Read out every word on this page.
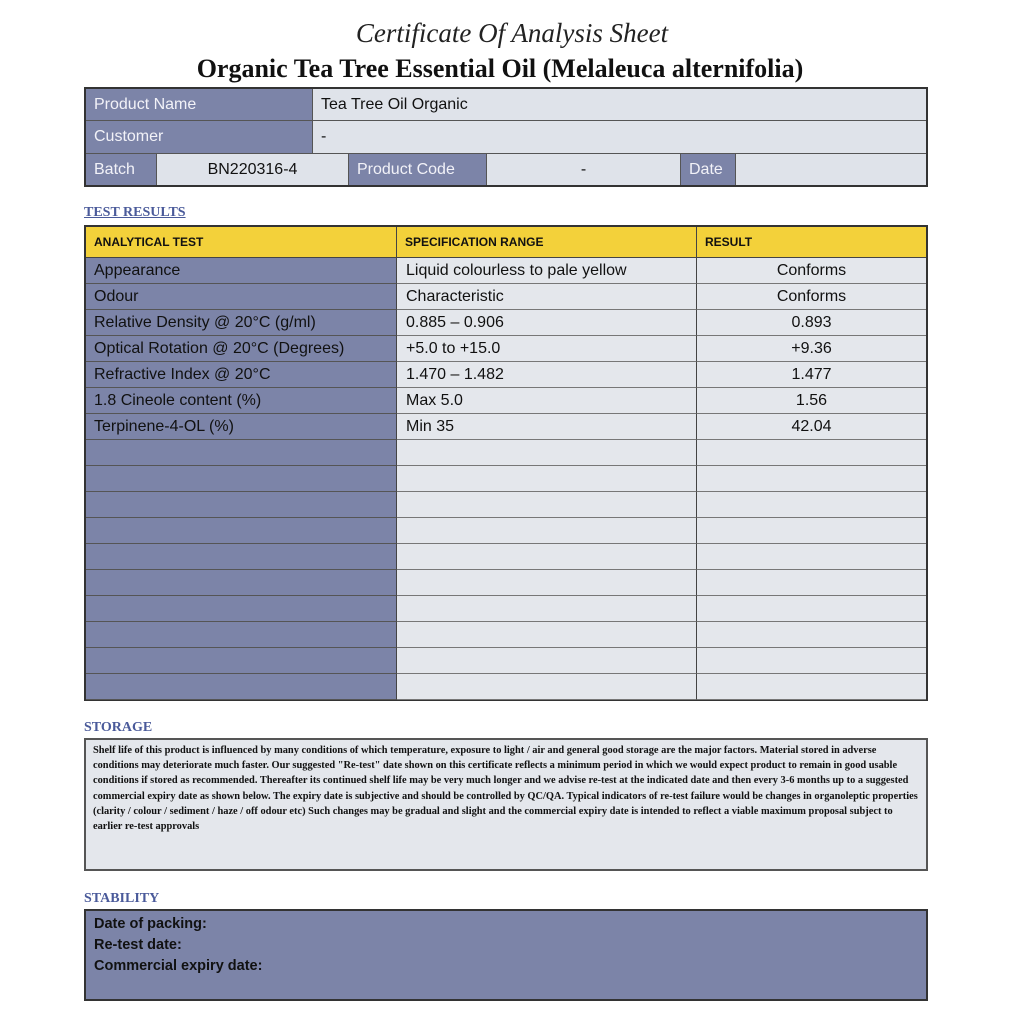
Certificate Of Analysis Sheet
Organic Tea Tree Essential Oil (Melaleuca alternifolia)
Product Name	Tea Tree Oil Organic
Customer	-
Batch	BN220316-4	Product Code	-	Date
TEST RESULTS
ANALYTICAL TEST	SPECIFICATION RANGE	RESULT
Appearance	Liquid colourless to pale yellow	Conforms
Odour	Characteristic	Conforms
Relative Density @ 20°C (g/ml)	0.885 – 0.906	0.893
Optical Rotation @ 20°C (Degrees)	+5.0 to +15.0	+9.36
Refractive Index @ 20°C	1.470 – 1.482	1.477
1.8 Cineole content (%)	Max 5.0	1.56
Terpinene-4-OL (%)	Min 35	42.04
STORAGE

Shelf life of this product is influenced by many conditions of which temperature, exposure to light / air and general good storage are the major factors. Material stored in adverse conditions may deteriorate much faster. Our suggested "Re-test" date shown on this certificate reflects a minimum period in which we would expect product to remain in good usable conditions if stored as recommended. Thereafter its continued shelf life may be very much longer and we advise re-test at the indicated date and then every 3-6 months up to a suggested commercial expiry date as shown below. The expiry date is subjective and should be controlled by QC/QA. Typical indicators of re-test failure would be changes in organoleptic properties (clarity / colour / sediment / haze / off odour etc) Such changes may be gradual and slight and the commercial expiry date is intended to reflect a viable maximum proposal subject to earlier re-test approvals

STABILITY
Date of packing:
Re-test date:
Commercial expiry date:
